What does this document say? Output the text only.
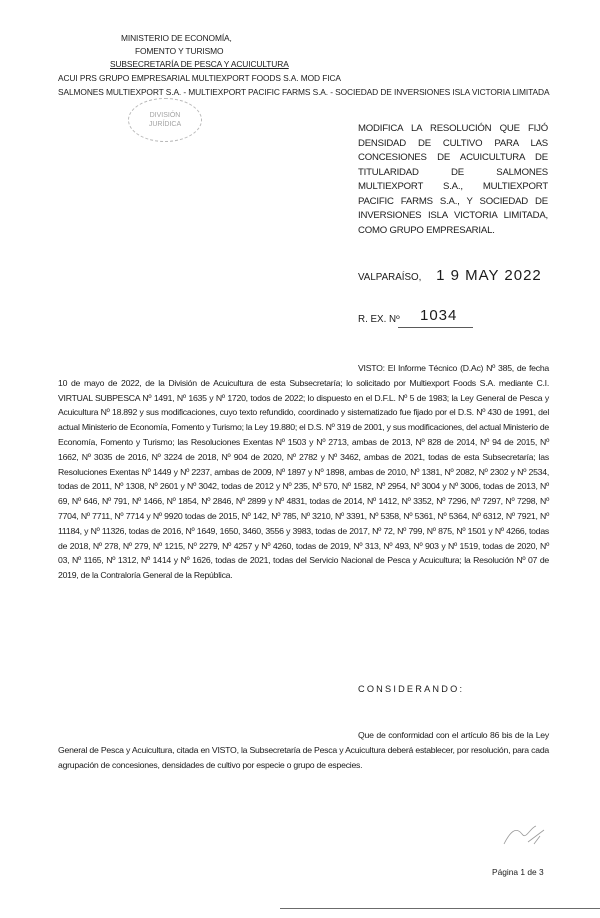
MINISTERIO DE ECONOMÍA,
FOMENTO Y TURISMO
SUBSECRETARÍA DE PESCA Y ACUICULTURA
ACUI PRS GRUPO EMPRESARIAL MULTIEXPORT FOODS S.A. MOD FICA
SALMONES MULTIEXPORT S.A. - MULTIEXPORT PACIFIC FARMS S.A. - SOCIEDAD DE INVERSIONES ISLA VICTORIA LIMITADA
DIVISIÓN
JURÍDICA	MODIFICA LA RESOLUCIÓN QUE FIJÓ DENSIDAD DE CULTIVO PARA LAS CONCESIONES DE ACUICULTURA DE TITULARIDAD DE SALMONES MULTIEXPORT S.A., MULTIEXPORT PACIFIC FARMS S.A., Y SOCIEDAD DE INVERSIONES ISLA VICTORIA LIMITADA, COMO GRUPO EMPRESARIAL.
VALPARAÍSO, 1 9 MAY 2022
R. EX. Nº 1034
VISTO: El Informe Técnico (D.Ac) Nº 385, de fecha 10 de mayo de 2022, de la División de Acuicultura de esta Subsecretaría; lo solicitado por Multiexport Foods S.A. mediante C.I. VIRTUAL SUBPESCA Nº 1491, Nº 1635 y Nº 1720, todos de 2022; lo dispuesto en el D.F.L. Nº 5 de 1983; la Ley General de Pesca y Acuicultura Nº 18.892 y sus modificaciones, cuyo texto refundido, coordinado y sistematizado fue fijado por el D.S. Nº 430 de 1991, del actual Ministerio de Economía, Fomento y Turismo; la Ley 19.880; el D.S. Nº 319 de 2001, y sus modificaciones, del actual Ministerio de Economía, Fomento y Turismo; las Resoluciones Exentas Nº 1503 y Nº 2713, ambas de 2013, Nº 828 de 2014, Nº 94 de 2015, Nº 1662, Nº 3035 de 2016, Nº 3224 de 2018, Nº 904 de 2020, Nº 2782 y Nº 3462, ambas de 2021, todas de esta Subsecretaría; las Resoluciones Exentas Nº 1449 y Nº 2237, ambas de 2009, Nº 1897 y Nº 1898, ambas de 2010, Nº 1381, Nº 2082, Nº 2302 y Nº 2534, todas de 2011, Nº 1308, Nº 2601 y Nº 3042, todas de 2012 y Nº 235, Nº 570, Nº 1582, Nº 2954, Nº 3004 y Nº 3006, todas de 2013, Nº 69, Nº 646, Nº 791, Nº 1466, Nº 1854, Nº 2846, Nº 2899 y Nº 4831, todas de 2014, Nº 1412, Nº 3352, Nº 7296, Nº 7297, Nº 7298, Nº 7704, Nº 7711, Nº 7714 y Nº 9920 todas de 2015, Nº 142, Nº 785, Nº 3210, Nº 3391, Nº 5358, Nº 5361, Nº 5364, Nº 6312, Nº 7921, Nº 11184, y Nº 11326, todas de 2016, Nº 1649, 1650, 3460, 3556 y 3983, todas de 2017, Nº 72, Nº 799, Nº 875, Nº 1501 y Nº 4266, todas de 2018, Nº 278, Nº 279, Nº 1215, Nº 2279, Nº 4257 y Nº 4260, todas de 2019, Nº 313, Nº 493, Nº 903 y Nº 1519, todas de 2020, Nº 03, Nº 1165, Nº 1312, Nº 1414 y Nº 1626, todas de 2021, todas del Servicio Nacional de Pesca y Acuicultura; la Resolución Nº 07 de 2019, de la Contraloría General de la República.
CONSIDERANDO:
Que de conformidad con el artículo 86 bis de la Ley General de Pesca y Acuicultura, citada en VISTO, la Subsecretaría de Pesca y Acuicultura deberá establecer, por resolución, para cada agrupación de concesiones, densidades de cultivo por especie o grupo de especies.
Página 1 de 3
